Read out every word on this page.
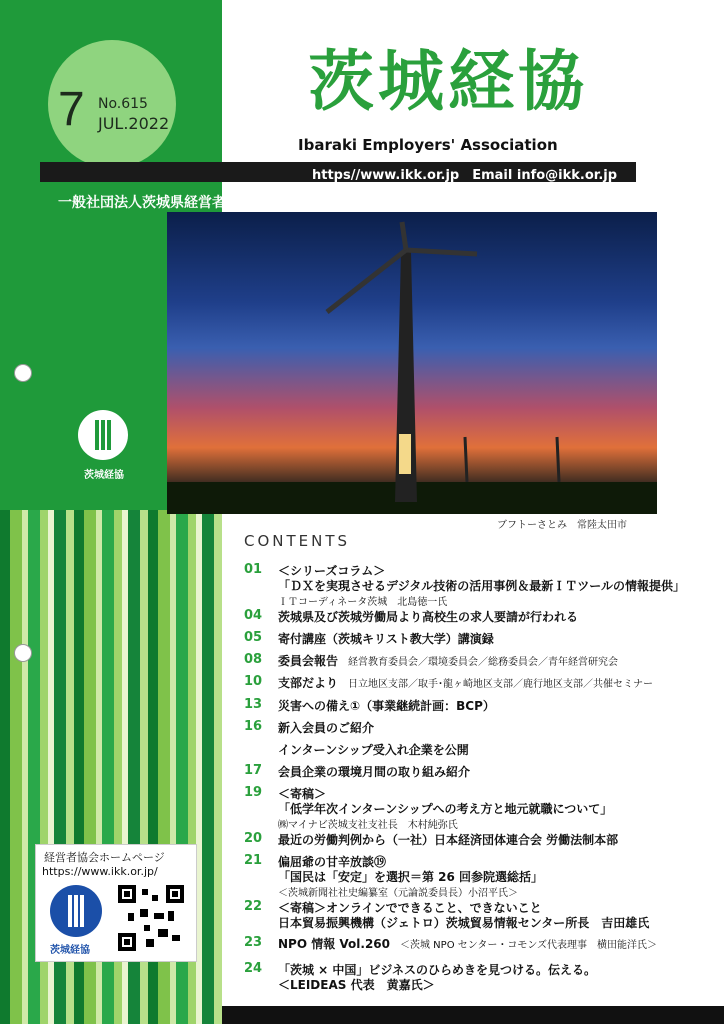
7 No.615
JUL.2022
茨城経協
Ibaraki Employers' Association
https//www.ikk.or.jp　Email info@ikk.or.jp
一般社団法人茨城県経営者協会
ブフトーさとみ　常陸太田市
茨城経協
経営者協会ホームページ
https://www.ikk.or.jp/
茨城経協
CONTENTS
01	＜シリーズコラム＞
「ＤＸを実現させるデジタル技術の活用事例＆最新ＩＴツールの情報提供」
ＩＴコーディネータ茨城　北島徳一氏
04	茨城県及び茨城労働局より高校生の求人要請が行われる
05	寄付講座（茨城キリスト教大学）講演録
08	委員会報告 経営教育委員会／環境委員会／総務委員会／青年経営研究会
10	支部だより 日立地区支部／取手･龍ヶ崎地区支部／鹿行地区支部／共催セミナー
13	災害への備え①（事業継続計画：BCP）
16	新入会員のご紹介
インターンシップ受入れ企業を公開
17	会員企業の環境月間の取り組み紹介
19	＜寄稿＞
「低学年次インターンシップへの考え方と地元就職について」
㈱マイナビ茨城支社支社長　木村純弥氏
20	最近の労働判例から（一社）日本経済団体連合会 労働法制本部
21	偏屈爺の甘辛放談⑲
「国民は「安定」を選択＝第 26 回参院選総括」
＜茨城新聞社社史編纂室（元論説委員長）小沼平氏＞
22	＜寄稿＞オンラインでできること、できないこと
日本貿易振興機構（ジェトロ）茨城貿易情報センター所長　吉田雄氏
23	NPO 情報 Vol.260 ＜茨城 NPO センター・コモンズ代表理事　横田能洋氏＞
24	「茨城 × 中国」ビジネスのひらめきを見つける。伝える。
＜LEIDEAS 代表　黄嘉氏＞
